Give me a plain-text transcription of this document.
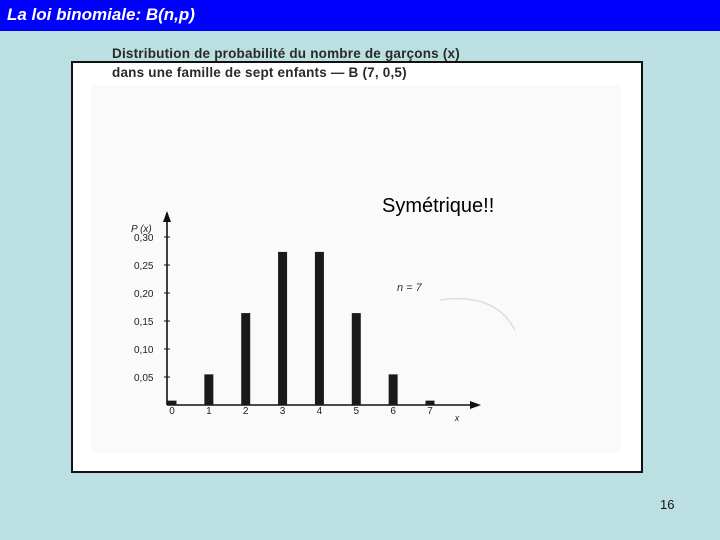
La loi binomiale: B(n,p)
Distribution de probabilité du nombre de garçons (x)
dans une famille de sept enfants — B (7, 0,5)
0,05
0,10
0,15
0,20
0,25
0,30
P (x)
0	1	2	3	4	5	6	7
x
n = 7
Symétrique!!
16
